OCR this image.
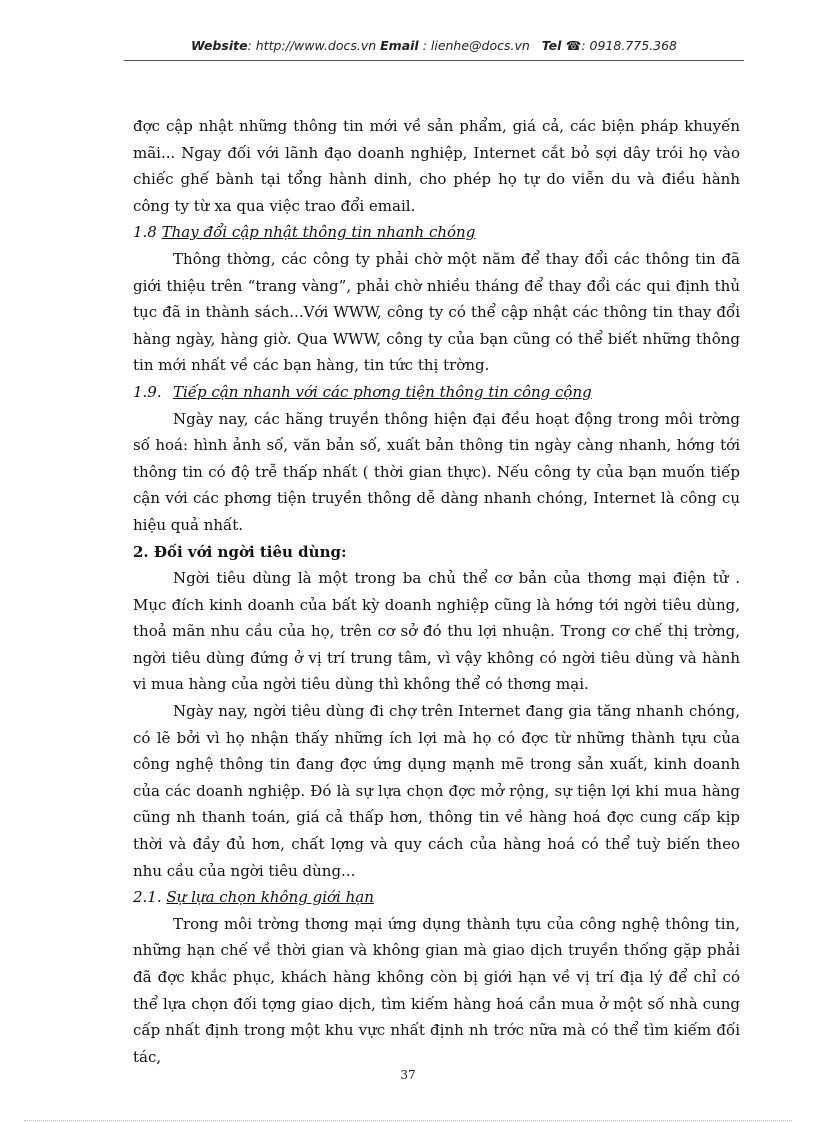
Website: http://www.docs.vn Email : lienhe@docs.vn Tel ☎: 0918.775.368

đợc cập nhật những thông tin mới về sản phẩm, giá cả, các biện pháp khuyến mãi... Ngay đối với lãnh đạo doanh nghiệp, Internet cắt bỏ sợi dây trói họ vào chiếc ghế bành tại tổng hành dinh, cho phép họ tự do viễn du và điều hành công ty từ xa qua việc trao đổi email.

1.8 Thay đổi cập nhật thông tin nhanh chóng

Thông thờng, các công ty phải chờ một năm để thay đổi các thông tin đã giới thiệu trên “trang vàng”, phải chờ nhiều tháng để thay đổi các qui định thủ tục đã in thành sách...Với WWW, công ty có thể cập nhật các thông tin thay đổi hàng ngày, hàng giờ. Qua WWW, công ty của bạn cũng có thể biết những thông tin mới nhất về các bạn hàng, tin tức thị trờng.

1.9. Tiếp cận nhanh với các phơng tiện thông tin công cộng

Ngày nay, các hãng truyền thông hiện đại đều hoạt động trong môi trờng số hoá: hình ảnh số, văn bản số, xuất bản thông tin ngày càng nhanh, hớng tới thông tin có độ trễ thấp nhất ( thời gian thực). Nếu công ty của bạn muốn tiếp cận với các phơng tiện truyền thông dễ dàng nhanh chóng, Internet là công cụ hiệu quả nhất.

2. Đối với ngời tiêu dùng:

Ngời tiêu dùng là một trong ba chủ thể cơ bản của thơng mại điện tử . Mục đích kinh doanh của bất kỳ doanh nghiệp cũng là hớng tới ngời tiêu dùng, thoả mãn nhu cầu của họ, trên cơ sở đó thu lợi nhuận. Trong cơ chế thị trờng, ngời tiêu dùng đứng ở vị trí trung tâm, vì vậy không có ngời tiêu dùng và hành vi mua hàng của ngời tiêu dùng thì không thể có thơng mại.

Ngày nay, ngời tiêu dùng đi chợ trên Internet đang gia tăng nhanh chóng, có lẽ bởi vì họ nhận thấy những ích lợi mà họ có đợc từ những thành tựu của công nghệ thông tin đang đợc ứng dụng mạnh mẽ trong sản xuất, kinh doanh của các doanh nghiệp. Đó là sự lựa chọn đợc mở rộng, sự tiện lợi khi mua hàng cũng nh thanh toán, giá cả thấp hơn, thông tin về hàng hoá đợc cung cấp kịp thời và đầy đủ hơn, chất lợng và quy cách của hàng hoá có thể tuỳ biến theo nhu cầu của ngời tiêu dùng...

2.1. Sự lựa chọn không giới hạn

Trong môi trờng thơng mại ứng dụng thành tựu của công nghệ thông tin, những hạn chế về thời gian và không gian mà giao dịch truyền thống gặp phải đã đợc khắc phục, khách hàng không còn bị giới hạn về vị trí địa lý để chỉ có thể lựa chọn đối tợng giao dịch, tìm kiếm hàng hoá cần mua ở một số nhà cung cấp nhất định trong một khu vực nhất định nh trớc nữa mà có thể tìm kiếm đối tác,

37
